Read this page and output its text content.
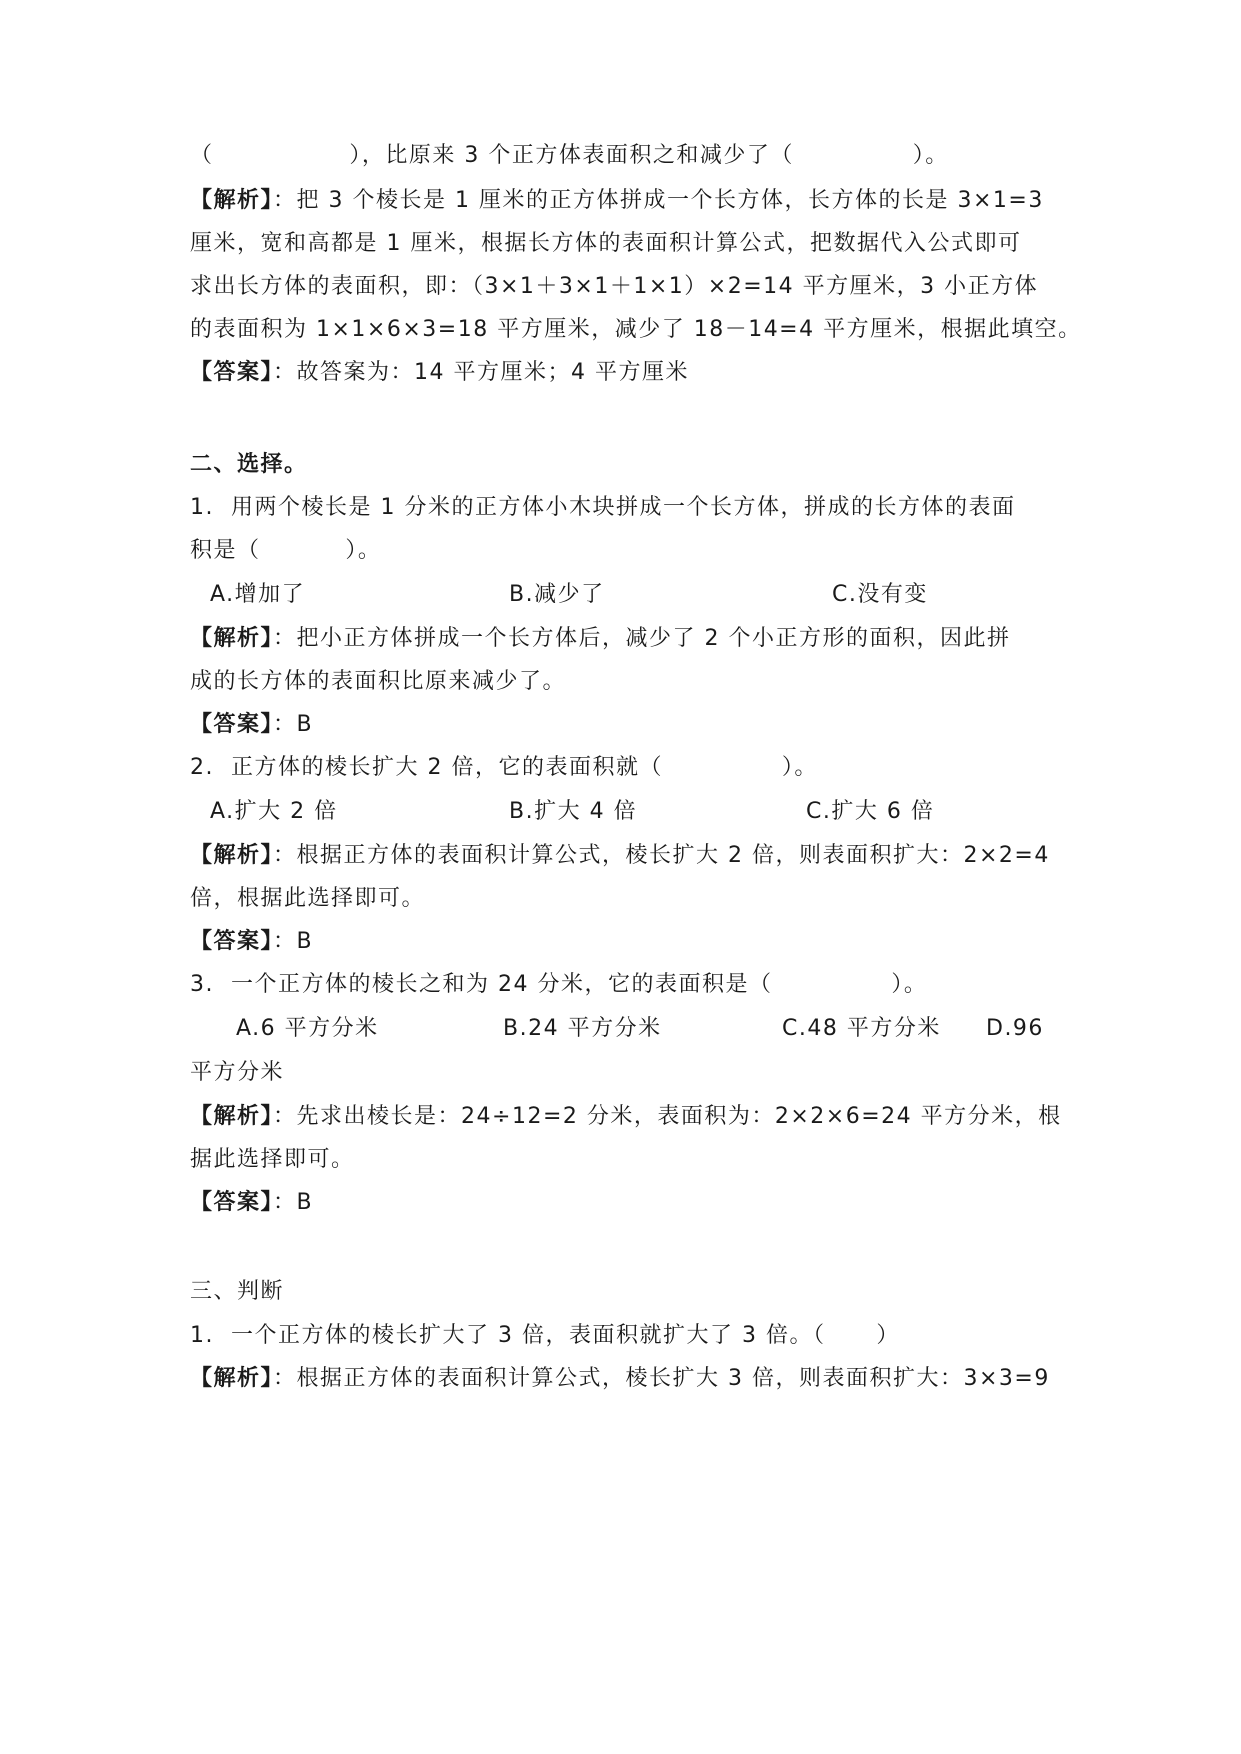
（                ），比原来 3 个正方体表面积之和减少了（              ）。
【解析】：把 3 个棱长是 1 厘米的正方体拼成一个长方体，长方体的长是 3×1=3
厘米，宽和高都是 1 厘米，根据长方体的表面积计算公式，把数据代入公式即可
求出长方体的表面积，即：（3×1＋3×1＋1×1）×2=14 平方厘米，3 小正方体
的表面积为 1×1×6×3=18 平方厘米，减少了 18－14=4 平方厘米，根据此填空。
【答案】：故答案为：14 平方厘米；4 平方厘米
二、选择。
1.  用两个棱长是 1 分米的正方体小木块拼成一个长方体，拼成的长方体的表面
积是（          ）。
A.增加了	B.减少了	C.没有变
【解析】：把小正方体拼成一个长方体后，减少了 2 个小正方形的面积，因此拼
成的长方体的表面积比原来减少了。
【答案】：B
2.  正方体的棱长扩大 2 倍，它的表面积就（              ）。
A.扩大 2 倍	B.扩大 4 倍	C.扩大 6 倍
【解析】：根据正方体的表面积计算公式，棱长扩大 2 倍，则表面积扩大：2×2=4
倍，根据此选择即可。
【答案】：B
3.  一个正方体的棱长之和为 24 分米，它的表面积是（              ）。
A.6 平方分米	B.24 平方分米	C.48 平方分米 D.96
平方分米
【解析】：先求出棱长是：24÷12=2 分米，表面积为：2×2×6=24 平方分米，根
据此选择即可。
【答案】：B
三、判断
1.  一个正方体的棱长扩大了 3 倍，表面积就扩大了 3 倍。（      ）
【解析】：根据正方体的表面积计算公式，棱长扩大 3 倍，则表面积扩大：3×3=9
